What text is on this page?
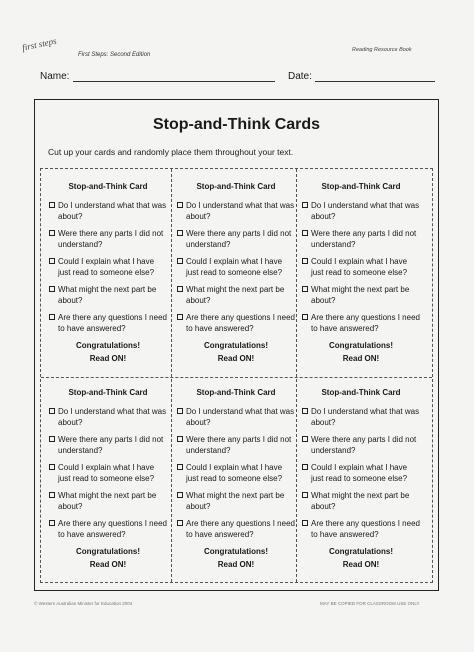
first steps
First Steps: Second Edition
Reading Resource Book
Name:	Date:
Stop-and-Think Cards
Cut up your cards and randomly place them throughout your text.
Stop-and-Think Card
Do I understand what that was about?
Were there any parts I did not understand?
Could I explain what I have just read to someone else?
What might the next part be about?
Are there any questions I need to have answered?
Congratulations!
Read ON!
Stop-and-Think Card
Do I understand what that was about?
Were there any parts I did not understand?
Could I explain what I have just read to someone else?
What might the next part be about?
Are there any questions I need to have answered?
Congratulations!
Read ON!
Stop-and-Think Card
Do I understand what that was about?
Were there any parts I did not understand?
Could I explain what I have just read to someone else?
What might the next part be about?
Are there any questions I need to have answered?
Congratulations!
Read ON!
Stop-and-Think Card
Do I understand what that was about?
Were there any parts I did not understand?
Could I explain what I have just read to someone else?
What might the next part be about?
Are there any questions I need to have answered?
Congratulations!
Read ON!
Stop-and-Think Card
Do I understand what that was about?
Were there any parts I did not understand?
Could I explain what I have just read to someone else?
What might the next part be about?
Are there any questions I need to have answered?
Congratulations!
Read ON!
Stop-and-Think Card
Do I understand what that was about?
Were there any parts I did not understand?
Could I explain what I have just read to someone else?
What might the next part be about?
Are there any questions I need to have answered?
Congratulations!
Read ON!
© Western Australian Minister for Education 2004	MAY BE COPIED FOR CLASSROOM USE ONLY
